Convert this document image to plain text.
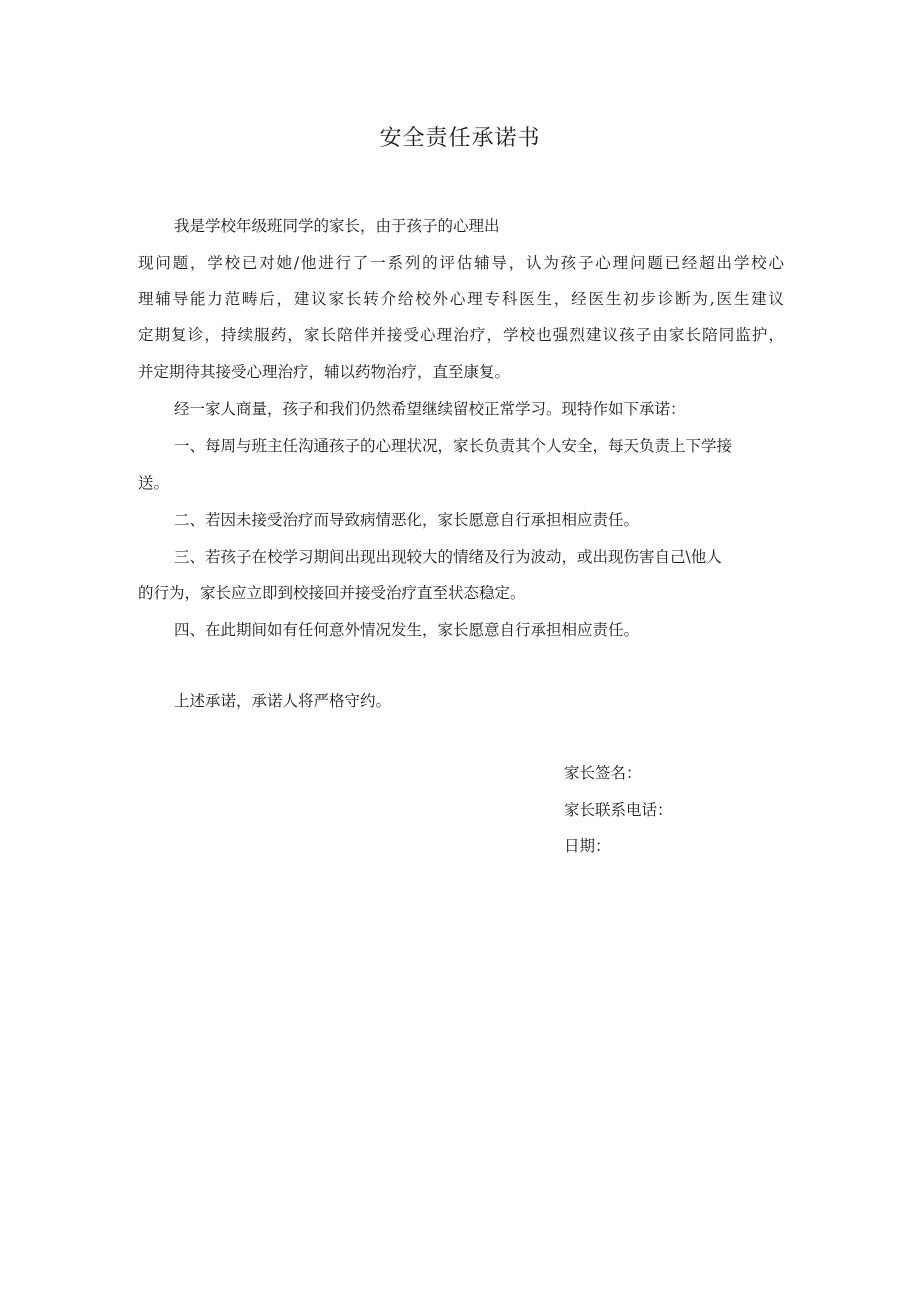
安全责任承诺书
我是学校年级班同学的家长，由于孩子的心理出
现问题，学校已对她/他进行了一系列的评估辅导，认为孩子心理问题已经超出学校心
理辅导能力范畴后，建议家长转介给校外心理专科医生，经医生初步诊断为,医生建议
定期复诊，持续服药，家长陪伴并接受心理治疗，学校也强烈建议孩子由家长陪同监护，
并定期待其接受心理治疗，辅以药物治疗，直至康复。
经一家人商量，孩子和我们仍然希望继续留校正常学习。现特作如下承诺：
一、每周与班主任沟通孩子的心理状况，家长负责其个人安全，每天负责上下学接
送。
二、若因未接受治疗而导致病情恶化，家长愿意自行承担相应责任。
三、若孩子在校学习期间出现出现较大的情绪及行为波动，或出现伤害自己\他人
的行为，家长应立即到校接回并接受治疗直至状态稳定。
四、在此期间如有任何意外情况发生，家长愿意自行承担相应责任。
上述承诺，承诺人将严格守约。
家长签名：
家长联系电话：
日期：
